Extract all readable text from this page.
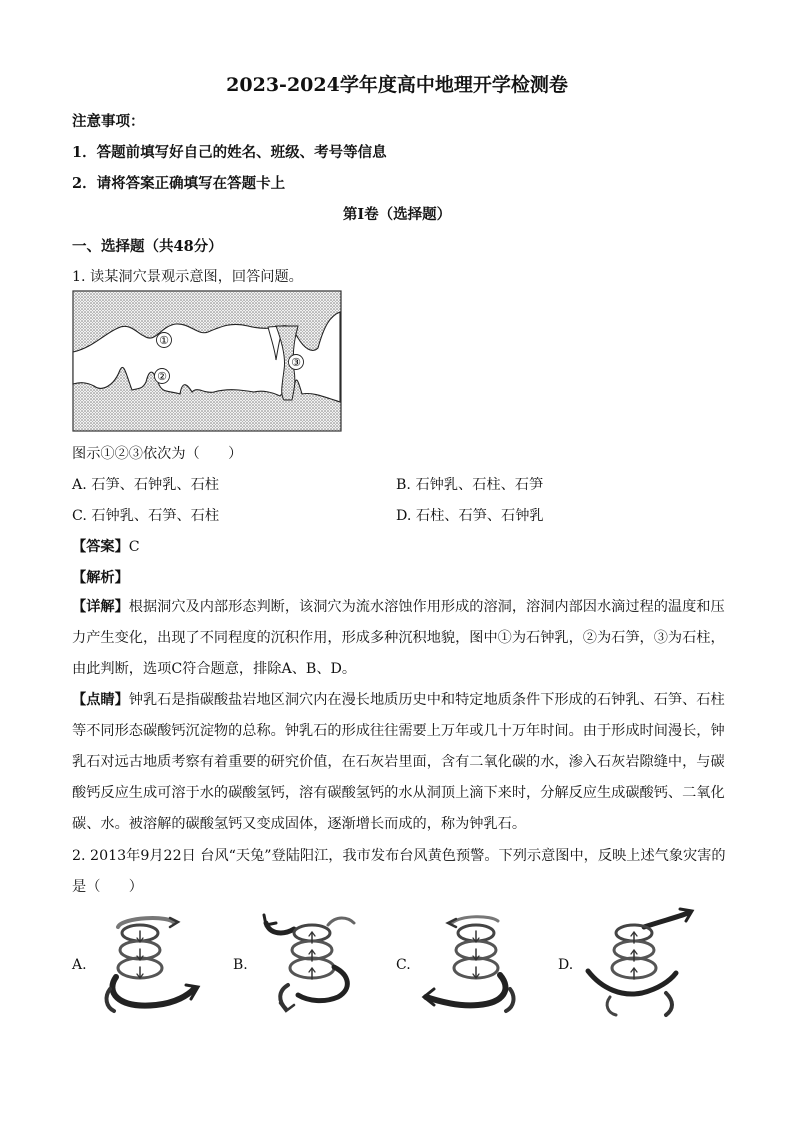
2023-2024学年度高中地理开学检测卷
注意事项：
1．答题前填写好自己的姓名、班级、考号等信息
2．请将答案正确填写在答题卡上
第I卷（选择题）
一、选择题（共48分）
1. 读某洞穴景观示意图，回答问题。
①
②
③
图示①②③依次为（　　）
A. 石笋、石钟乳、石柱	B. 石钟乳、石柱、石笋
C. 石钟乳、石笋、石柱	D. 石柱、石笋、石钟乳
【答案】C
【解析】
【详解】根据洞穴及内部形态判断，该洞穴为流水溶蚀作用形成的溶洞，溶洞内部因水滴过程的温度和压
力产生变化，出现了不同程度的沉积作用，形成多种沉积地貌，图中①为石钟乳，②为石笋，③为石柱，
由此判断，选项C符合题意，排除A、B、D。
【点睛】钟乳石是指碳酸盐岩地区洞穴内在漫长地质历史中和特定地质条件下形成的石钟乳、石笋、石柱
等不同形态碳酸钙沉淀物的总称。钟乳石的形成往往需要上万年或几十万年时间。由于形成时间漫长，钟
乳石对远古地质考察有着重要的研究价值，在石灰岩里面，含有二氧化碳的水，渗入石灰岩隙缝中，与碳
酸钙反应生成可溶于水的碳酸氢钙，溶有碳酸氢钙的水从洞顶上滴下来时，分解反应生成碳酸钙、二氧化
碳、水。被溶解的碳酸氢钙又变成固体，逐渐增长而成的，称为钟乳石。
2. 2013年9月22日 台风“天兔”登陆阳江，我市发布台风黄色预警。下列示意图中，反映上述气象灾害的
是（　　）
A.	B.	C.	D.
